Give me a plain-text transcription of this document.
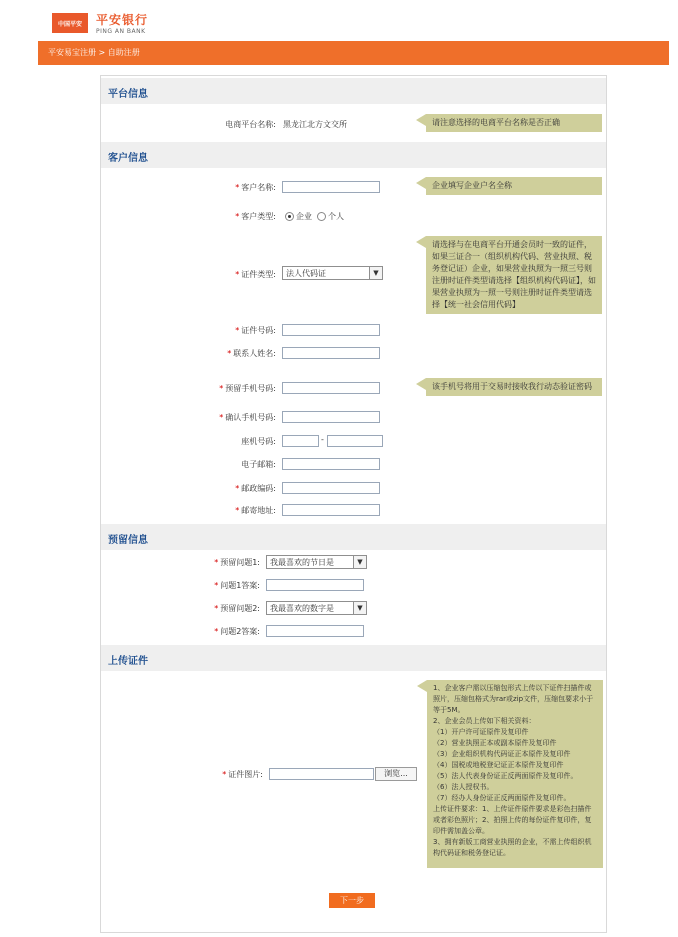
中国平安	平安银行
PING AN BANK
平安易宝注册 > 自助注册
平台信息
电商平台名称: 黑龙江北方文交所	请注意选择的电商平台名称是否正确
客户信息
* 客户名称:	企业填写企业户名全称
* 客户类型:	企业 个人
* 证件类型: 法人代码证	▼
请选择与在电商平台开通会员时一致的证件，如果三证合一（组织机构代码、营业执照、税务登记证）企业，如果营业执照为一照三号则注册时证件类型请选择【组织机构代码证】，如果营业执照为一照一号则注册时证件类型请选择【统一社会信用代码】
* 证件号码:
* 联系人姓名:
* 预留手机号码:	该手机号将用于交易时接收我行动态验证密码
* 确认手机号码:
座机号码:	-
电子邮箱:
* 邮政编码:
* 邮寄地址:
预留信息
* 预留问题1: 我最喜欢的节日是	▼
* 问题1答案:
* 预留问题2: 我最喜欢的数字是	▼
* 问题2答案:
上传证件
* 证件图片:	浏览...
1、企业客户需以压缩包形式上传以下证件扫描件或照片，压缩包格式为rar或zip文件，压缩包要求小于等于5M。
2、企业会员上传如下相关资料：
（1）开户许可证原件及复印件
（2）营业执照正本或副本原件及复印件
（3）企业组织机构代码证正本原件及复印件
（4）国税或地税登记证正本原件及复印件
（5）法人代表身份证正反两面原件及复印件。
（6）法人授权书。
（7）经办人身份证正反两面原件及复印件。
上传证件要求：1、上传证件原件要求是彩色扫描件或者彩色照片；2、拍照上传的每份证件复印件，复印件需加盖公章。
3、拥有新版工商营业执照的企业，不需上传组织机构代码证和税务登记证。
下一步
